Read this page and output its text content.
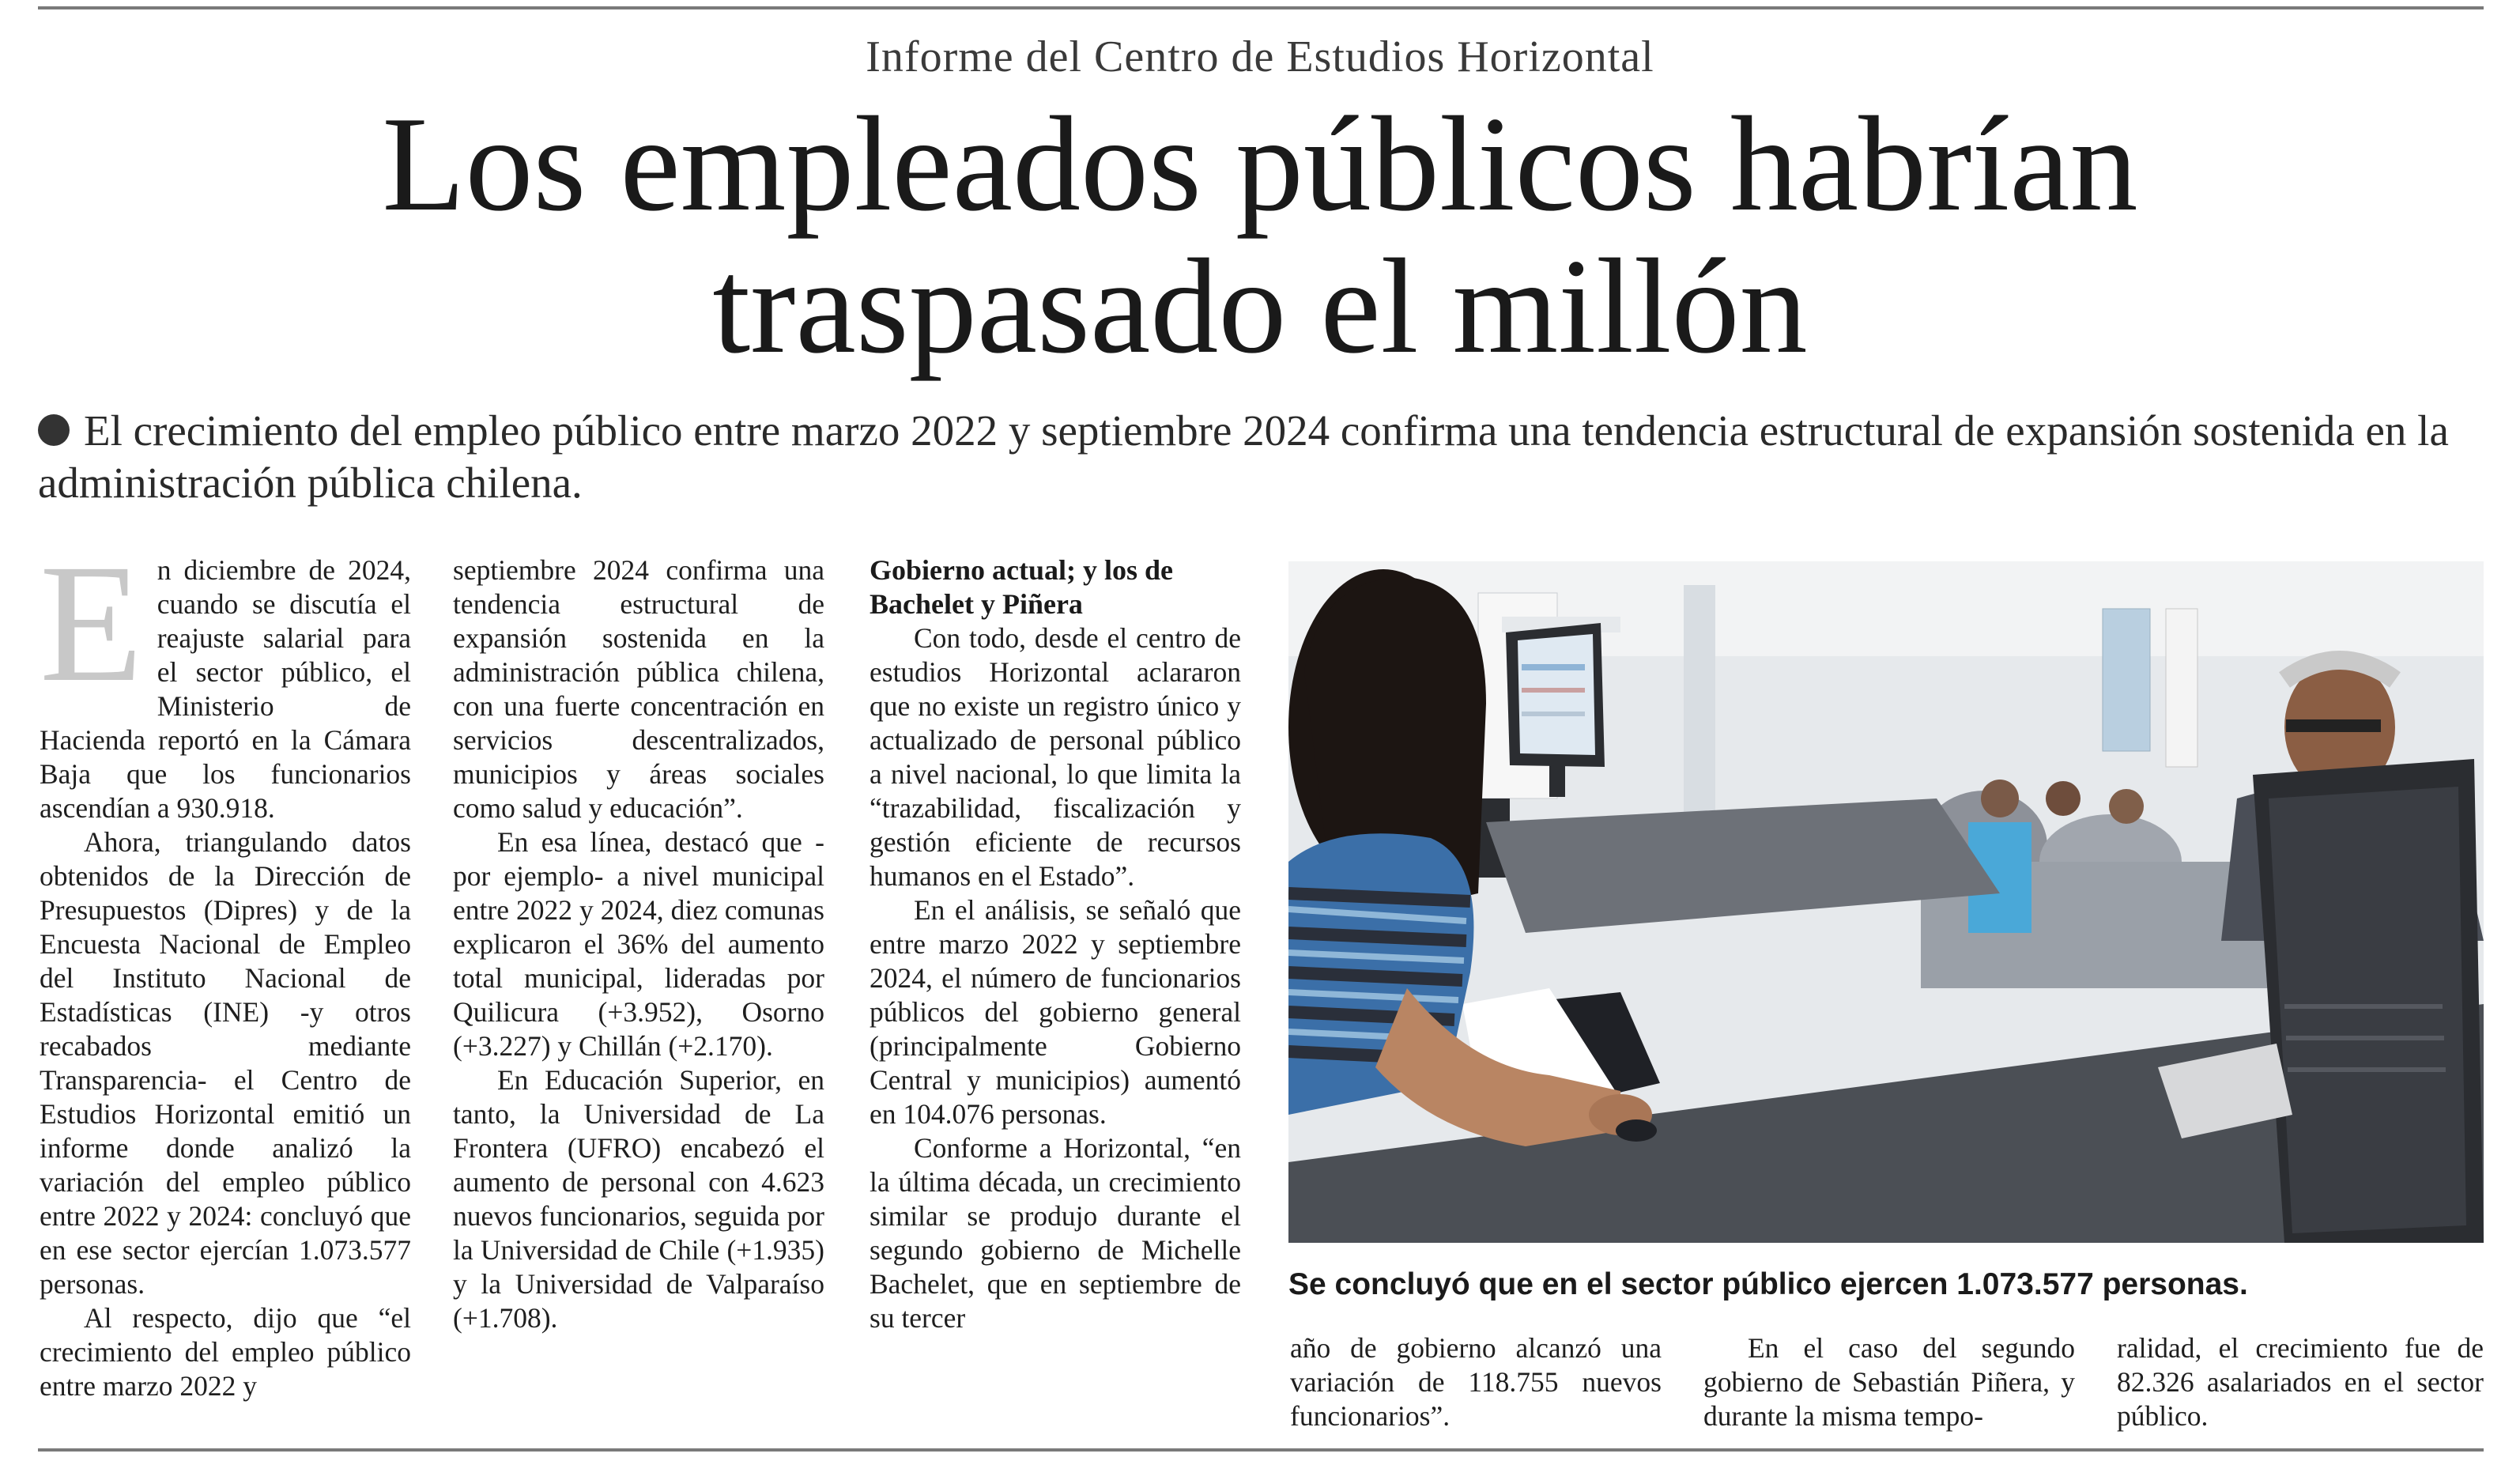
Informe del Centro de Estudios Horizontal
Los empleados públicos habrían
traspasado el millón
El crecimiento del empleo público entre marzo 2022 y septiembre 2024 confirma una tendencia estructural de expansión sostenida en la administración pública chilena.

En diciembre de 2024, cuando se discutía el reajuste salarial para el sector público, el Ministerio de Hacienda reportó en la Cámara Baja que los funcionarios ascendían a 930.918.

Ahora, triangulando datos obtenidos de la Dirección de Presupuestos (Dipres) y de la Encuesta Nacional de Empleo del Instituto Nacional de Estadísticas (INE) -y otros recabados mediante Transparencia- el Centro de Estudios Horizontal emitió un informe donde analizó la variación del empleo público entre 2022 y 2024: concluyó que en ese sector ejercían 1.073.577 personas.

Al respecto, dijo que “el crecimiento del empleo público entre marzo 2022 y

septiembre 2024 confirma una tendencia estructural de expansión sostenida en la administración pública chilena, con una fuerte concentración en servicios descentralizados, municipios y áreas sociales como salud y educación”.

En esa línea, destacó que -por ejemplo- a nivel municipal entre 2022 y 2024, diez comunas explicaron el 36% del aumento total municipal, lideradas por Quilicura (+3.952), Osorno (+3.227) y Chillán (+2.170).

En Educación Superior, en tanto, la Universidad de La Frontera (UFRO) encabezó el aumento de personal con 4.623 nuevos funcionarios, seguida por la Universidad de Chile (+1.935) y la Universidad de Valparaíso (+1.708).

Gobierno actual; y los de Bachelet y Piñera

Con todo, desde el centro de estudios Horizontal aclararon que no existe un registro único y actualizado de personal público a nivel nacional, lo que limita la “trazabilidad, fiscalización y gestión eficiente de recursos humanos en el Estado”.

En el análisis, se señaló que entre marzo 2022 y septiembre 2024, el número de funcionarios públicos del gobierno general (principalmente Gobierno Central y municipios) aumentó en 104.076 personas.

Conforme a Horizontal, “en la última década, un crecimiento similar se produjo durante el segundo gobierno de Michelle Bachelet, que en septiembre de su tercer

Se concluyó que en el sector público ejercen 1.073.577 personas.

año de gobierno alcanzó una variación de 118.755 nuevos funcionarios”.

En el caso del segundo gobierno de Sebastián Piñera, y durante la misma tempo-

ralidad, el crecimiento fue de 82.326 asalariados en el sector público.
